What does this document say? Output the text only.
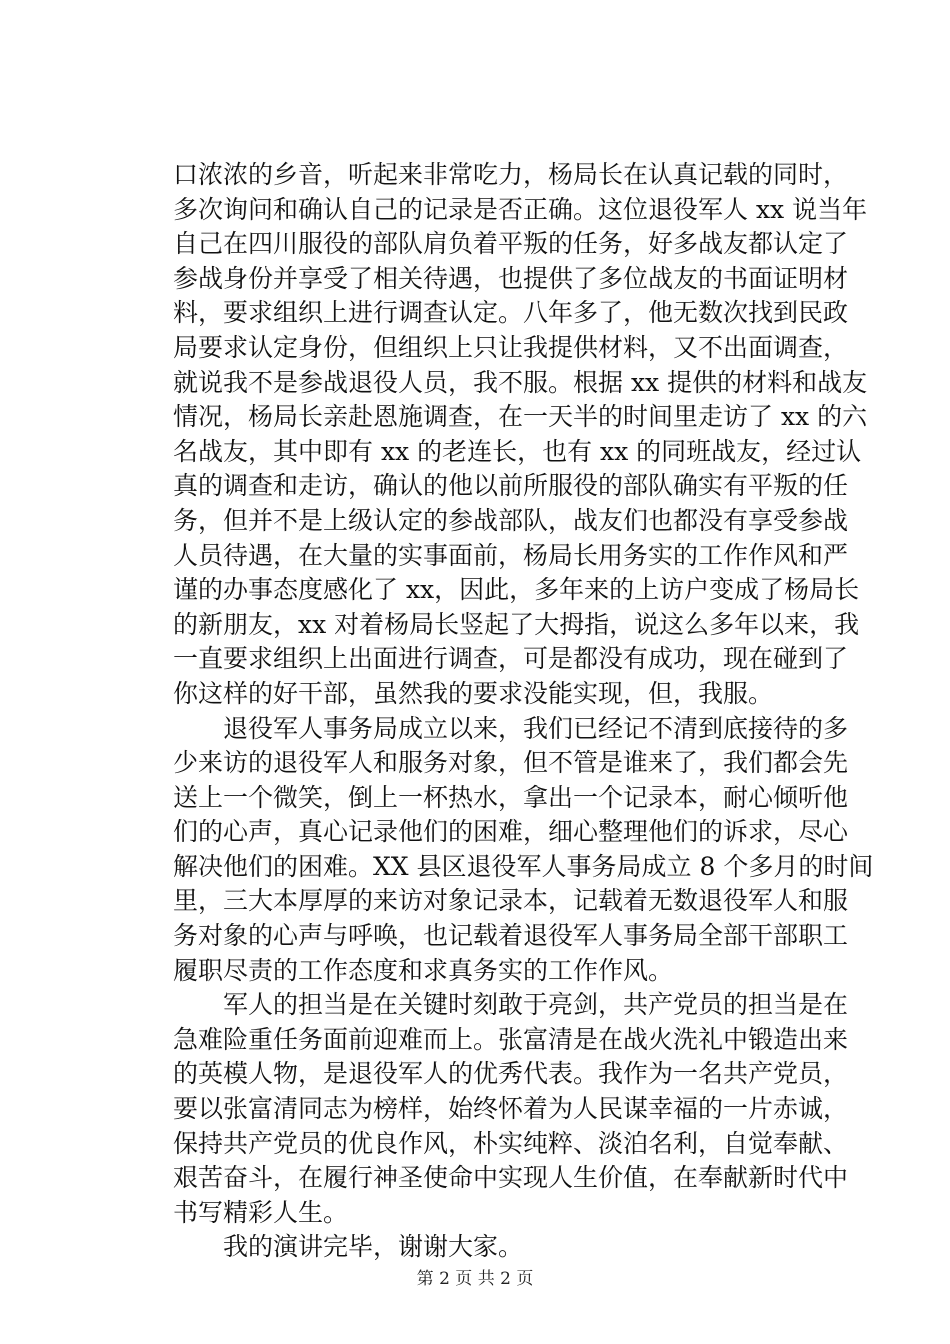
口浓浓的乡音，听起来非常吃力，杨局长在认真记载的同时，
多次询问和确认自己的记录是否正确。这位退役军人 xx 说当年
自己在四川服役的部队肩负着平叛的任务，好多战友都认定了
参战身份并享受了相关待遇，也提供了多位战友的书面证明材
料，要求组织上进行调查认定。八年多了，他无数次找到民政
局要求认定身份，但组织上只让我提供材料，又不出面调查，
就说我不是参战退役人员，我不服。根据 xx 提供的材料和战友
情况，杨局长亲赴恩施调查，在一天半的时间里走访了 xx 的六
名战友，其中即有 xx 的老连长，也有 xx 的同班战友，经过认
真的调查和走访，确认的他以前所服役的部队确实有平叛的任
务，但并不是上级认定的参战部队，战友们也都没有享受参战
人员待遇，在大量的实事面前，杨局长用务实的工作作风和严
谨的办事态度感化了 xx，因此，多年来的上访户变成了杨局长
的新朋友，xx 对着杨局长竖起了大拇指，说这么多年以来，我
一直要求组织上出面进行调查，可是都没有成功，现在碰到了
你这样的好干部，虽然我的要求没能实现，但，我服。
　　退役军人事务局成立以来，我们已经记不清到底接待的多
少来访的退役军人和服务对象，但不管是谁来了，我们都会先
送上一个微笑，倒上一杯热水，拿出一个记录本，耐心倾听他
们的心声，真心记录他们的困难，细心整理他们的诉求，尽心
解决他们的困难。XX 县区退役军人事务局成立 8 个多月的时间
里，三大本厚厚的来访对象记录本，记载着无数退役军人和服
务对象的心声与呼唤，也记载着退役军人事务局全部干部职工
履职尽责的工作态度和求真务实的工作作风。
　　军人的担当是在关键时刻敢于亮剑，共产党员的担当是在
急难险重任务面前迎难而上。张富清是在战火洗礼中锻造出来
的英模人物，是退役军人的优秀代表。我作为一名共产党员，
要以张富清同志为榜样，始终怀着为人民谋幸福的一片赤诚，
保持共产党员的优良作风，朴实纯粹、淡泊名利，自觉奉献、
艰苦奋斗，在履行神圣使命中实现人生价值，在奉献新时代中
书写精彩人生。
　　我的演讲完毕，谢谢大家。
第 2 页 共 2 页
